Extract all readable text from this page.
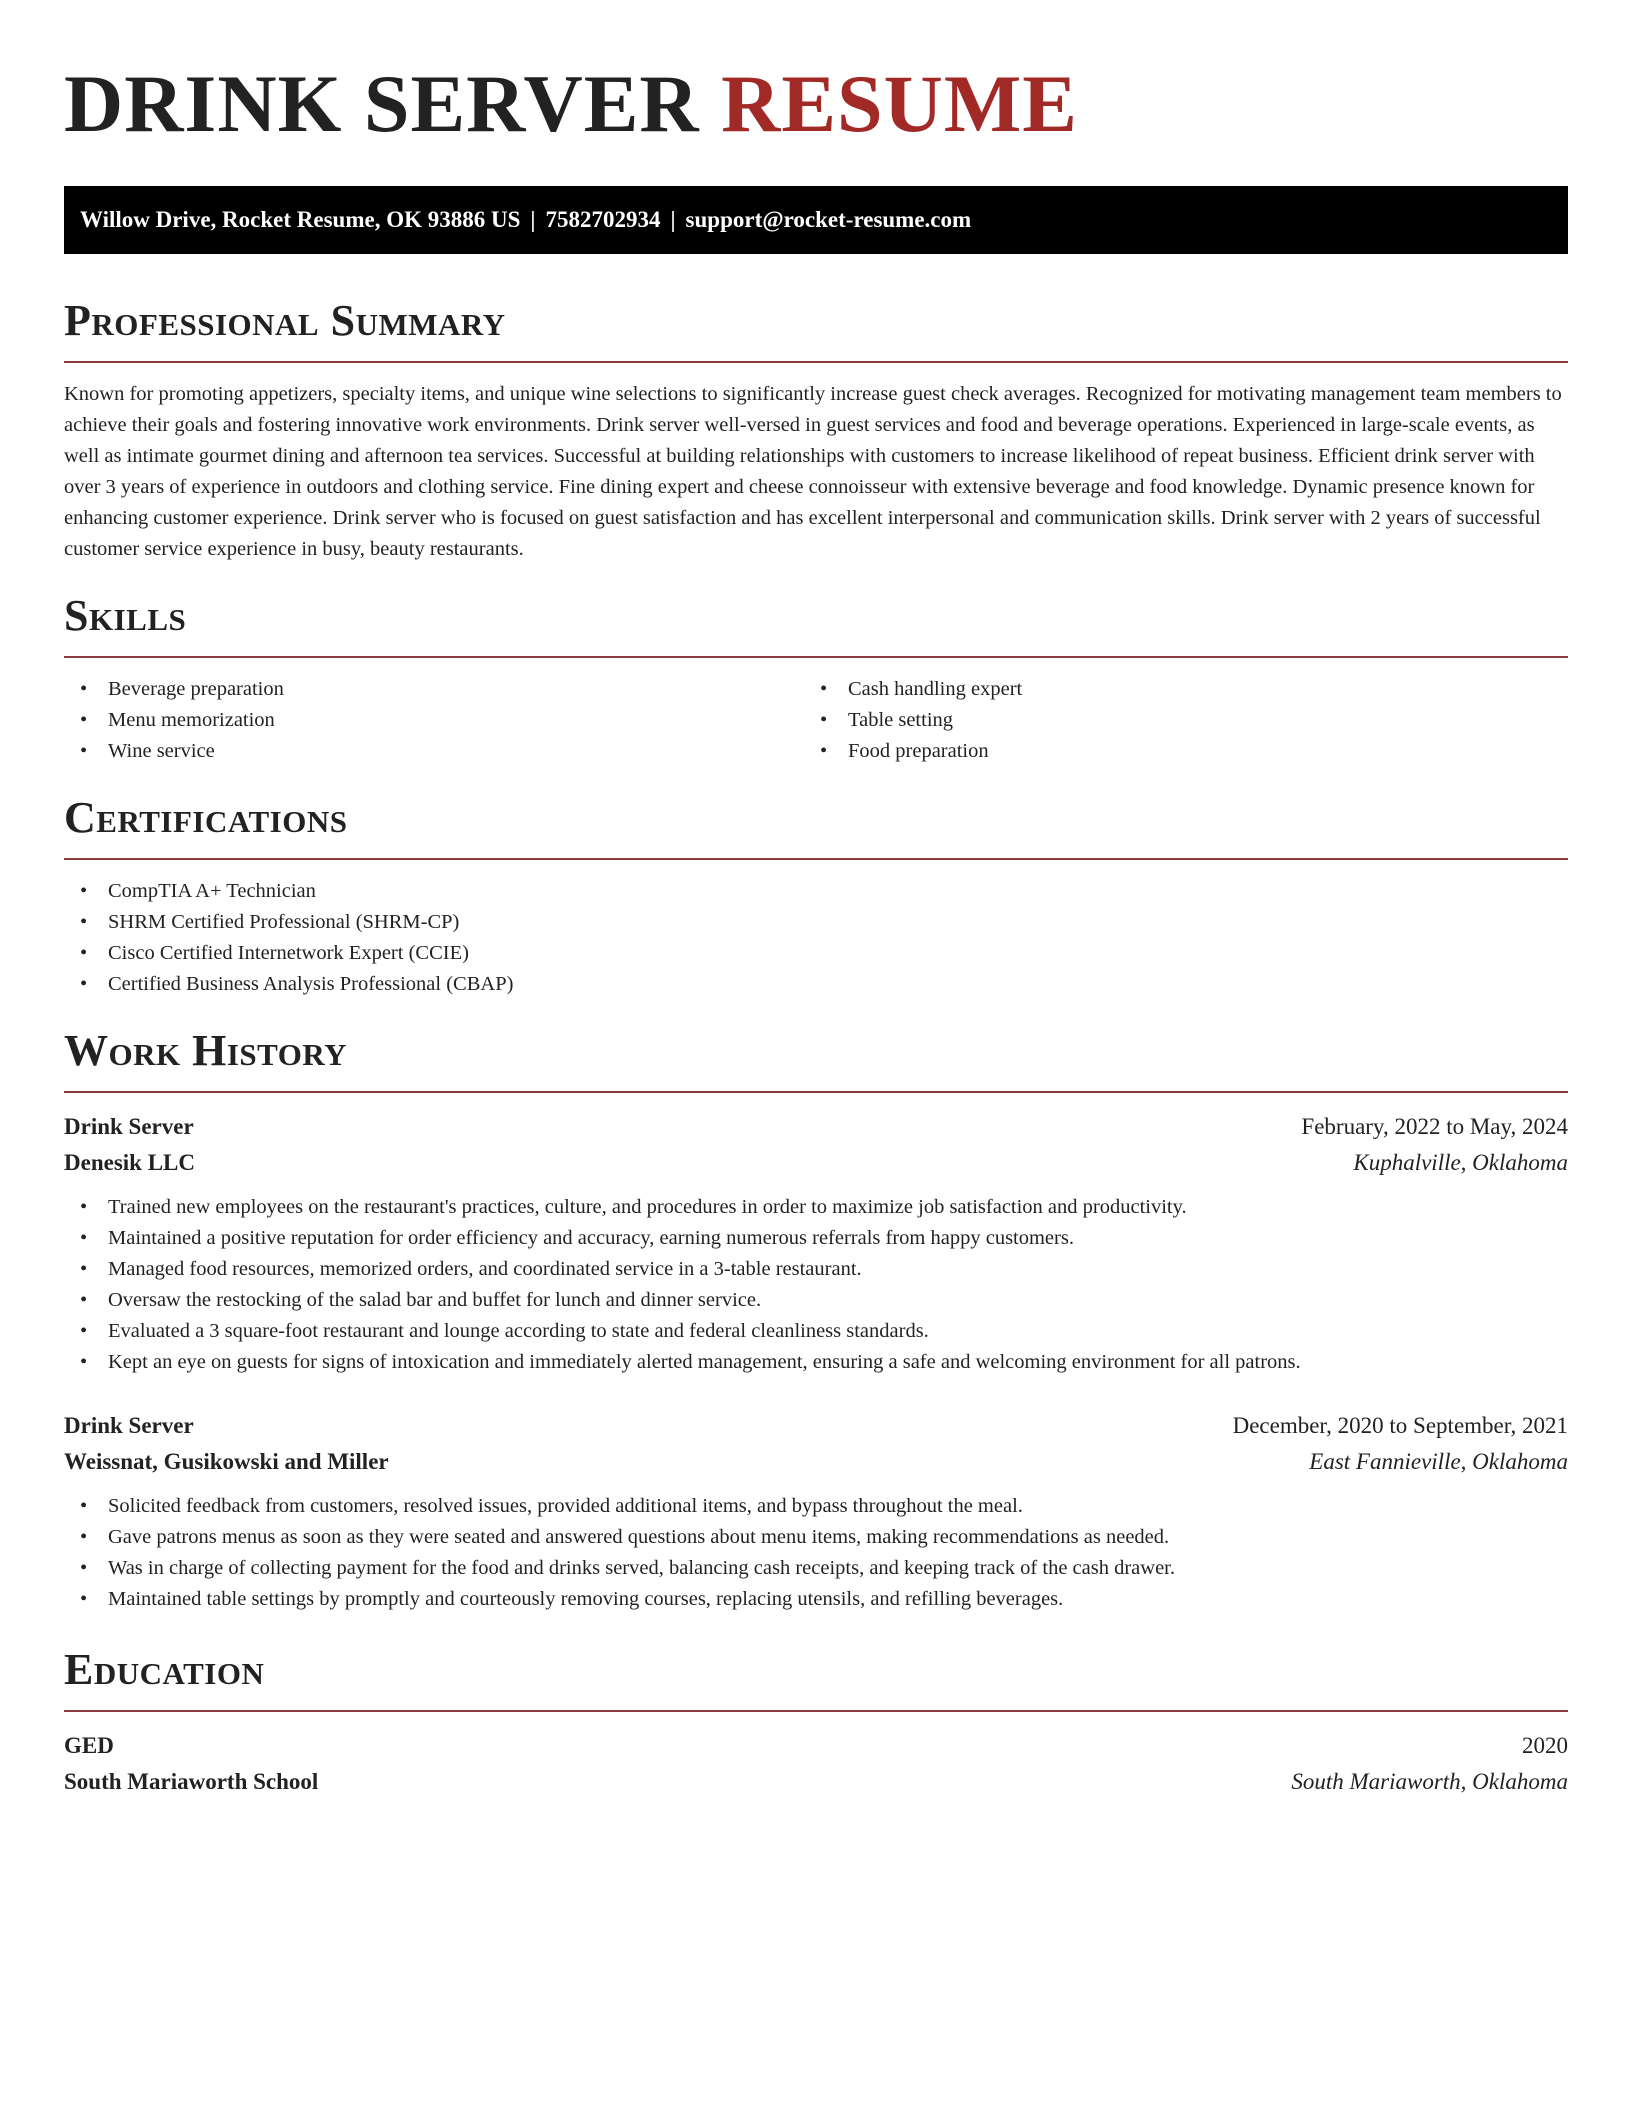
DRINK SERVER RESUME
Willow Drive, Rocket Resume, OK 93886 US | 7582702934 | support@rocket-resume.com
Professional Summary

Known for promoting appetizers, specialty items, and unique wine selections to significantly increase guest check averages. Recognized for motivating management team members to achieve their goals and fostering innovative work environments. Drink server well-versed in guest services and food and beverage operations. Experienced in large-scale events, as well as intimate gourmet dining and afternoon tea services. Successful at building relationships with customers to increase likelihood of repeat business. Efficient drink server with over 3 years of experience in outdoors and clothing service. Fine dining expert and cheese connoisseur with extensive beverage and food knowledge. Dynamic presence known for enhancing customer experience. Drink server who is focused on guest satisfaction and has excellent interpersonal and communication skills. Drink server with 2 years of successful customer service experience in busy, beauty restaurants.

Skills
• Beverage preparation
• Menu memorization
• Wine service
• Cash handling expert
• Table setting
• Food preparation
Certifications
• CompTIA A+ Technician
• SHRM Certified Professional (SHRM-CP)
• Cisco Certified Internetwork Expert (CCIE)
• Certified Business Analysis Professional (CBAP)
Work History
Drink Server	February, 2022 to May, 2024
Denesik LLC	Kuphalville, Oklahoma
• Trained new employees on the restaurant's practices, culture, and procedures in order to maximize job satisfaction and productivity.
• Maintained a positive reputation for order efficiency and accuracy, earning numerous referrals from happy customers.
• Managed food resources, memorized orders, and coordinated service in a 3-table restaurant.
• Oversaw the restocking of the salad bar and buffet for lunch and dinner service.
• Evaluated a 3 square-foot restaurant and lounge according to state and federal cleanliness standards.
• Kept an eye on guests for signs of intoxication and immediately alerted management, ensuring a safe and welcoming environment for all patrons.
Drink Server	December, 2020 to September, 2021
Weissnat, Gusikowski and Miller	East Fannieville, Oklahoma
• Solicited feedback from customers, resolved issues, provided additional items, and bypass throughout the meal.
• Gave patrons menus as soon as they were seated and answered questions about menu items, making recommendations as needed.
• Was in charge of collecting payment for the food and drinks served, balancing cash receipts, and keeping track of the cash drawer.
• Maintained table settings by promptly and courteously removing courses, replacing utensils, and refilling beverages.
Education
GED	2020
South Mariaworth School	South Mariaworth, Oklahoma
